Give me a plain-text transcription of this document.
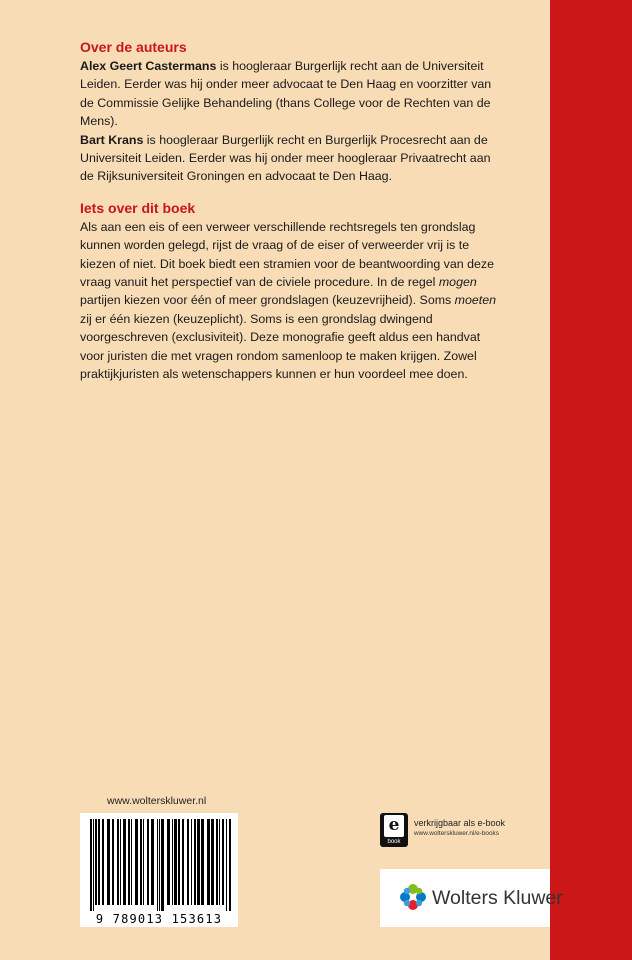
Over de auteurs

Alex Geert Castermans is hoogleraar Burgerlijk recht aan de Universiteit Leiden. Eerder was hij onder meer advocaat te Den Haag en voorzitter van de Commissie Gelijke Behandeling (thans College voor de Rechten van de Mens).

Bart Krans is hoogleraar Burgerlijk recht en Burgerlijk Procesrecht aan de Universiteit Leiden. Eerder was hij onder meer hoogleraar Privaatrecht aan de Rijksuniversiteit Groningen en advocaat te Den Haag.

Iets over dit boek

Als aan een eis of een verweer verschillende rechtsregels ten grondslag kunnen worden gelegd, rijst de vraag of de eiser of verweerder vrij is te kiezen of niet. Dit boek biedt een stramien voor de beantwoording van deze vraag vanuit het perspectief van de civiele procedure. In de regel mogen partijen kiezen voor één of meer grondslagen (keuzevrijheid). Soms moeten zij er één kiezen (keuzeplicht). Soms is een grondslag dwingend voorgeschreven (exclusiviteit). Deze monografie geeft aldus een handvat voor juristen die met vragen rondom samenloop te maken krijgen. Zowel praktijkjuristen als wetenschappers kunnen er hun voordeel mee doen.

www.wolterskluwer.nl
9 789013 153613
e
book
verkrijgbaar als e-book
www.wolterskluwer.nl/e-books
Wolters Kluwer
